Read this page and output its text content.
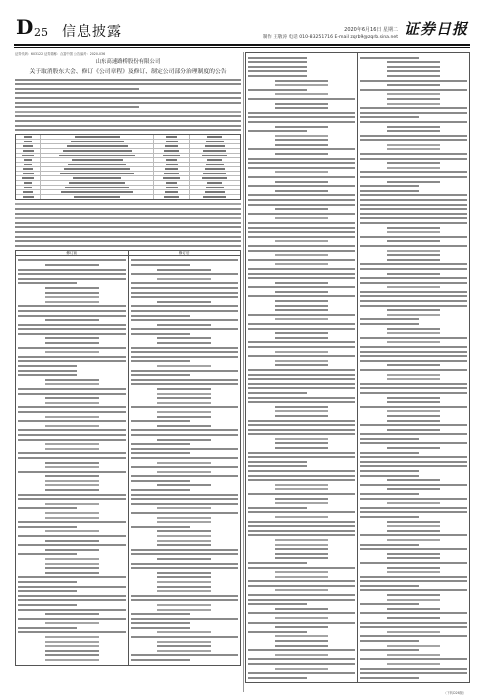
D 25 信息披露	2020年6月16日 星期二
制作 王敬涛 电话 010-83251716 E-mail zqrb9@zqrb.sina.net 证券日报
证券代码：603122 证券简称：合富中国 公告编号：2020-036
山东高速路桥股份有限公司
关于取消股东大会、修订《公司章程》及修订、制定公司部分治理制度的公告
修订前	修订后
（下转D26版）
